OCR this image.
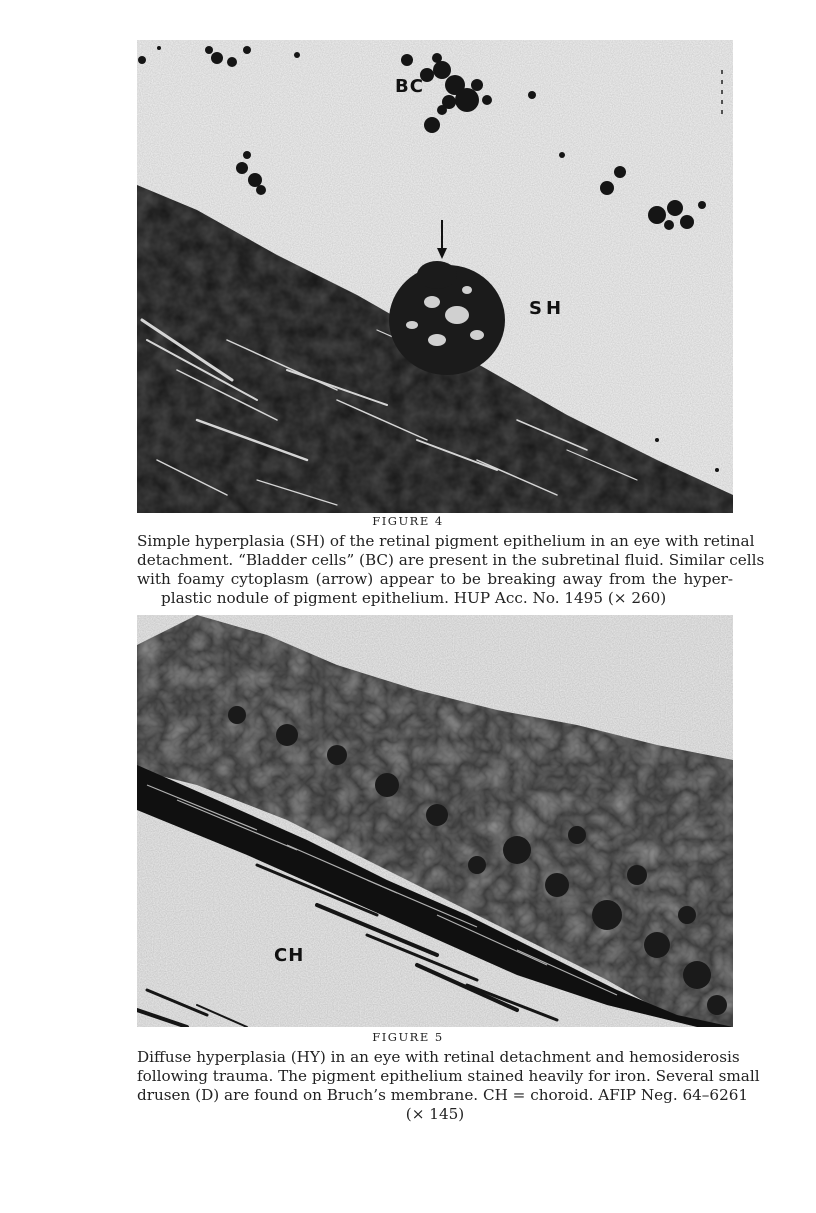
BC
SH
FIGURE 4
Simple hyperplasia (SH) of the retinal pigment epithelium in an eye with retinal
detachment. “Bladder cells” (BC) are present in the subretinal fluid. Similar cells
with foamy cytoplasm (arrow) appear to be breaking away from the hyper-
plastic nodule of pigment epithelium. HUP Acc. No. 1495 (× 260)
CH
FIGURE 5
Diffuse hyperplasia (HY) in an eye with retinal detachment and hemosiderosis
following trauma. The pigment epithelium stained heavily for iron. Several small
drusen (D) are found on Bruch’s membrane. CH = choroid. AFIP Neg. 64–6261
(× 145)
